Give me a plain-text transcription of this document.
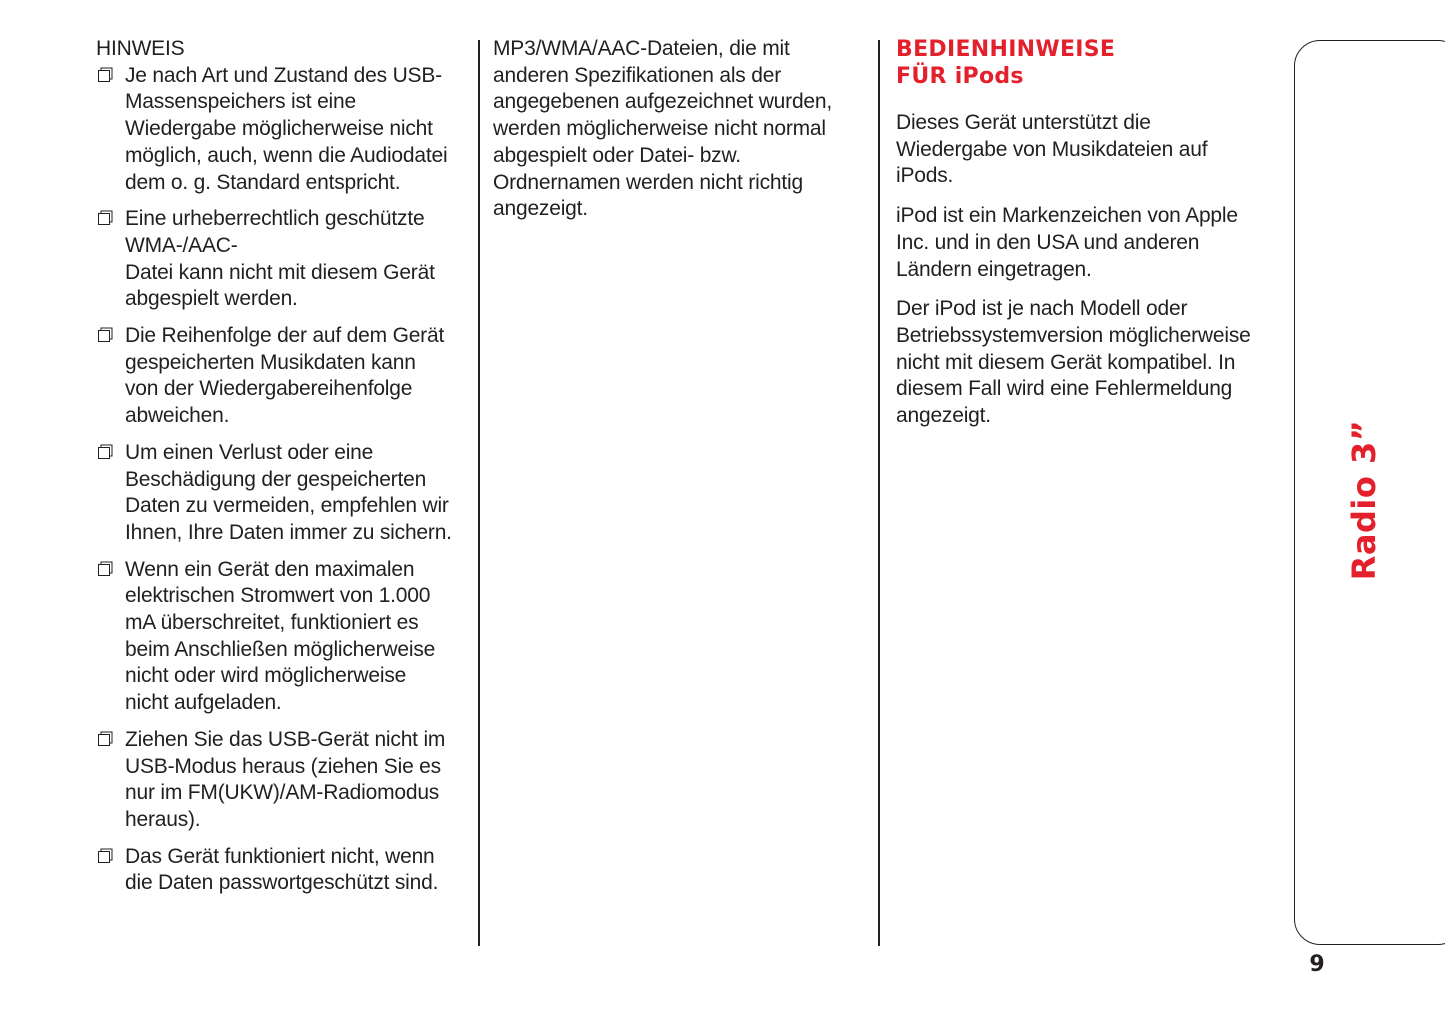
HINWEIS

Je nach Art und Zustand des USB-
Massenspeichers ist eine
Wiedergabe möglicherweise nicht
möglich, auch, wenn die Audiodatei
dem o. g. Standard entspricht.
Eine urheberrechtlich geschützte
WMA-/AAC-
Datei kann nicht mit diesem Gerät
abgespielt werden.
Die Reihenfolge der auf dem Gerät
gespeicherten Musikdaten kann
von der Wiedergabereihenfolge
abweichen.
Um einen Verlust oder eine
Beschädigung der gespeicherten
Daten zu vermeiden, empfehlen wir
Ihnen, Ihre Daten immer zu sichern.
Wenn ein Gerät den maximalen
elektrischen Stromwert von 1.000
mA überschreitet, funktioniert es
beim Anschließen möglicherweise
nicht oder wird möglicherweise
nicht aufgeladen.
Ziehen Sie das USB-Gerät nicht im
USB-Modus heraus (ziehen Sie es
nur im FM(UKW)/AM-Radiomodus
heraus).
Das Gerät funktioniert nicht, wenn
die Daten passwortgeschützt sind.

MP3/WMA/AAC-Dateien, die mit
anderen Spezifikationen als der
angegebenen aufgezeichnet wurden,
werden möglicherweise nicht normal
abgespielt oder Datei- bzw.
Ordnernamen werden nicht richtig
angezeigt.

BEDIENHINWEISE
FÜR iPods

Dieses Gerät unterstützt die
Wiedergabe von Musikdateien auf
iPods.

iPod ist ein Markenzeichen von Apple
Inc. und in den USA und anderen
Ländern eingetragen.

Der iPod ist je nach Modell oder
Betriebssystemversion möglicherweise
nicht mit diesem Gerät kompatibel. In
diesem Fall wird eine Fehlermeldung
angezeigt.

Radio 3”
9
